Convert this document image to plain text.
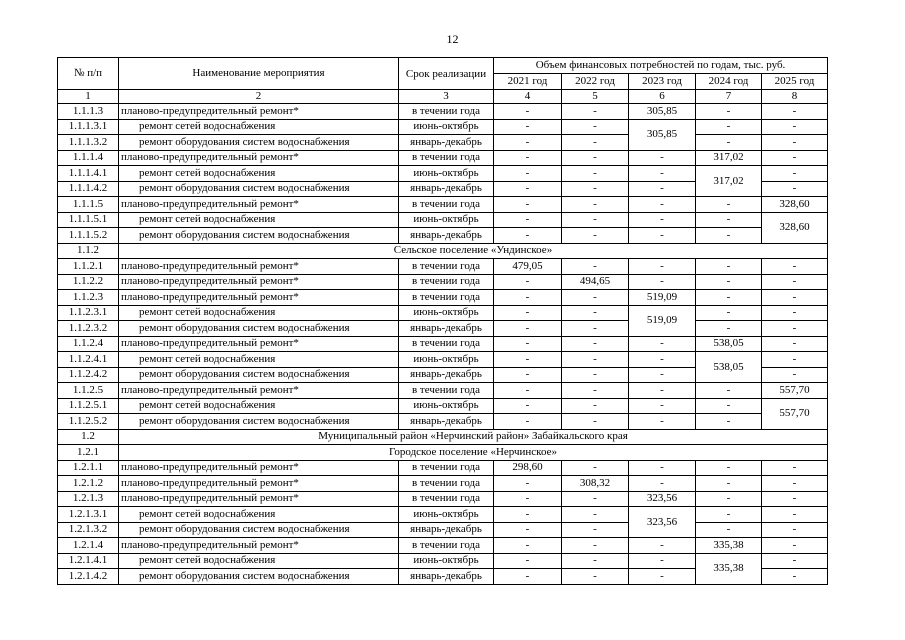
12
№ п/п	Наименование мероприятия	Срок реализации	Объем финансовых потребностей по годам, тыс. руб.				
			2021 год	2022 год	2023 год	2024 год	2025 год
1	2	3	4	5	6	7	8
1.1.1.3	планово-предупредительный ремонт*	в течении года	-	-	305,85	-	-
1.1.1.3.1	ремонт сетей водоснабжения	июнь-октябрь	-	-	305,85	-	-
1.1.1.3.2	ремонт оборудования систем водоснабжения	январь-декабрь	-	-		-	-
1.1.1.4	планово-предупредительный ремонт*	в течении года	-	-	-	317,02	-
1.1.1.4.1	ремонт сетей водоснабжения	июнь-октябрь	-	-	-	317,02	-
1.1.1.4.2	ремонт оборудования систем водоснабжения	январь-декабрь	-	-	-		-
1.1.1.5	планово-предупредительный ремонт*	в течении года	-	-	-	-	328,60
1.1.1.5.1	ремонт сетей водоснабжения	июнь-октябрь	-	-	-	-	328,60
1.1.1.5.2	ремонт оборудования систем водоснабжения	январь-декабрь	-	-	-	-	
1.1.2	Сельское поселение «Ундинское»						
1.1.2.1	планово-предупредительный ремонт*	в течении года	479,05	-	-	-	-
1.1.2.2	планово-предупредительный ремонт*	в течении года	-	494,65	-	-	-
1.1.2.3	планово-предупредительный ремонт*	в течении года	-	-	519,09	-	-
1.1.2.3.1	ремонт сетей водоснабжения	июнь-октябрь	-	-	519,09	-	-
1.1.2.3.2	ремонт оборудования систем водоснабжения	январь-декабрь	-	-		-	-
1.1.2.4	планово-предупредительный ремонт*	в течении года	-	-	-	538,05	-
1.1.2.4.1	ремонт сетей водоснабжения	июнь-октябрь	-	-	-	538,05	-
1.1.2.4.2	ремонт оборудования систем водоснабжения	январь-декабрь	-	-	-		-
1.1.2.5	планово-предупредительный ремонт*	в течении года	-	-	-	-	557,70
1.1.2.5.1	ремонт сетей водоснабжения	июнь-октябрь	-	-	-	-	557,70
1.1.2.5.2	ремонт оборудования систем водоснабжения	январь-декабрь	-	-	-	-	
1.2	Муниципальный район «Нерчинский район» Забайкальского края						
1.2.1	Городское поселение «Нерчинское»						
1.2.1.1	планово-предупредительный ремонт*	в течении года	298,60	-	-	-	-
1.2.1.2	планово-предупредительный ремонт*	в течении года	-	308,32	-	-	-
1.2.1.3	планово-предупредительный ремонт*	в течении года	-	-	323,56	-	-
1.2.1.3.1	ремонт сетей водоснабжения	июнь-октябрь	-	-	323,56	-	-
1.2.1.3.2	ремонт оборудования систем водоснабжения	январь-декабрь	-	-		-	-
1.2.1.4	планово-предупредительный ремонт*	в течении года	-	-	-	335,38	-
1.2.1.4.1	ремонт сетей водоснабжения	июнь-октябрь	-	-	-	335,38	-
1.2.1.4.2	ремонт оборудования систем водоснабжения	январь-декабрь	-	-	-		-
